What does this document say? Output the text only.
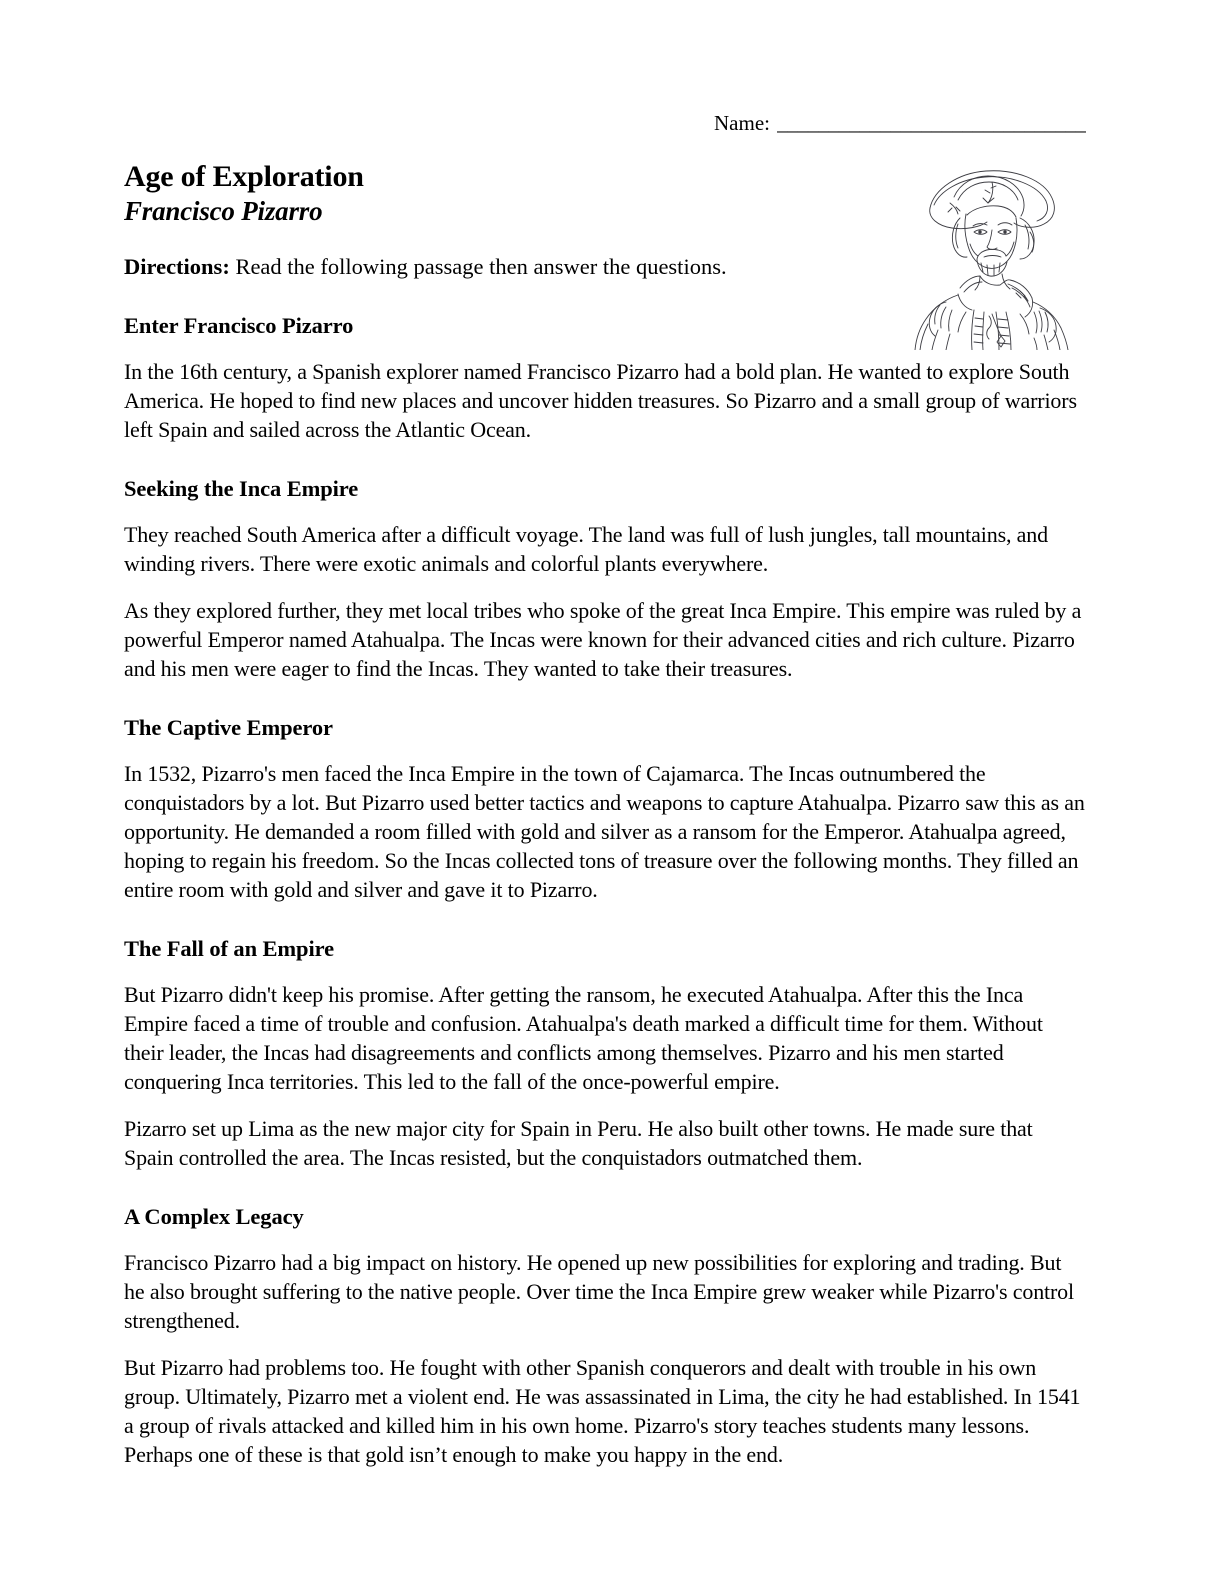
Name: ______________________________
Age of Exploration
Francisco Pizarro

Directions: Read the following passage then answer the questions.

Enter Francisco Pizarro

In the 16th century, a Spanish explorer named Francisco Pizarro had a bold plan. He wanted to explore South America. He hoped to find new places and uncover hidden treasures. So Pizarro and a small group of warriors left Spain and sailed across the Atlantic Ocean.

Seeking the Inca Empire

They reached South America after a difficult voyage. The land was full of lush jungles, tall mountains, and winding rivers. There were exotic animals and colorful plants everywhere.

As they explored further, they met local tribes who spoke of the great Inca Empire. This empire was ruled by a powerful Emperor named Atahualpa. The Incas were known for their advanced cities and rich culture. Pizarro and his men were eager to find the Incas. They wanted to take their treasures.

The Captive Emperor

In 1532, Pizarro's men faced the Inca Empire in the town of Cajamarca. The Incas outnumbered the conquistadors by a lot. But Pizarro used better tactics and weapons to capture Atahualpa. Pizarro saw this as an opportunity. He demanded a room filled with gold and silver as a ransom for the Emperor. Atahualpa agreed, hoping to regain his freedom. So the Incas collected tons of treasure over the following months. They filled an entire room with gold and silver and gave it to Pizarro.

The Fall of an Empire

But Pizarro didn't keep his promise. After getting the ransom, he executed Atahualpa. After this the Inca Empire faced a time of trouble and confusion. Atahualpa's death marked a difficult time for them. Without their leader, the Incas had disagreements and conflicts among themselves. Pizarro and his men started conquering Inca territories. This led to the fall of the once-powerful empire.

Pizarro set up Lima as the new major city for Spain in Peru. He also built other towns. He made sure that Spain controlled the area. The Incas resisted, but the conquistadors outmatched them.

A Complex Legacy

Francisco Pizarro had a big impact on history. He opened up new possibilities for exploring and trading. But he also brought suffering to the native people. Over time the Inca Empire grew weaker while Pizarro's control strengthened.

But Pizarro had problems too. He fought with other Spanish conquerors and dealt with trouble in his own group. Ultimately, Pizarro met a violent end. He was assassinated in Lima, the city he had established. In 1541 a group of rivals attacked and killed him in his own home. Pizarro's story teaches students many lessons. Perhaps one of these is that gold isn’t enough to make you happy in the end.
